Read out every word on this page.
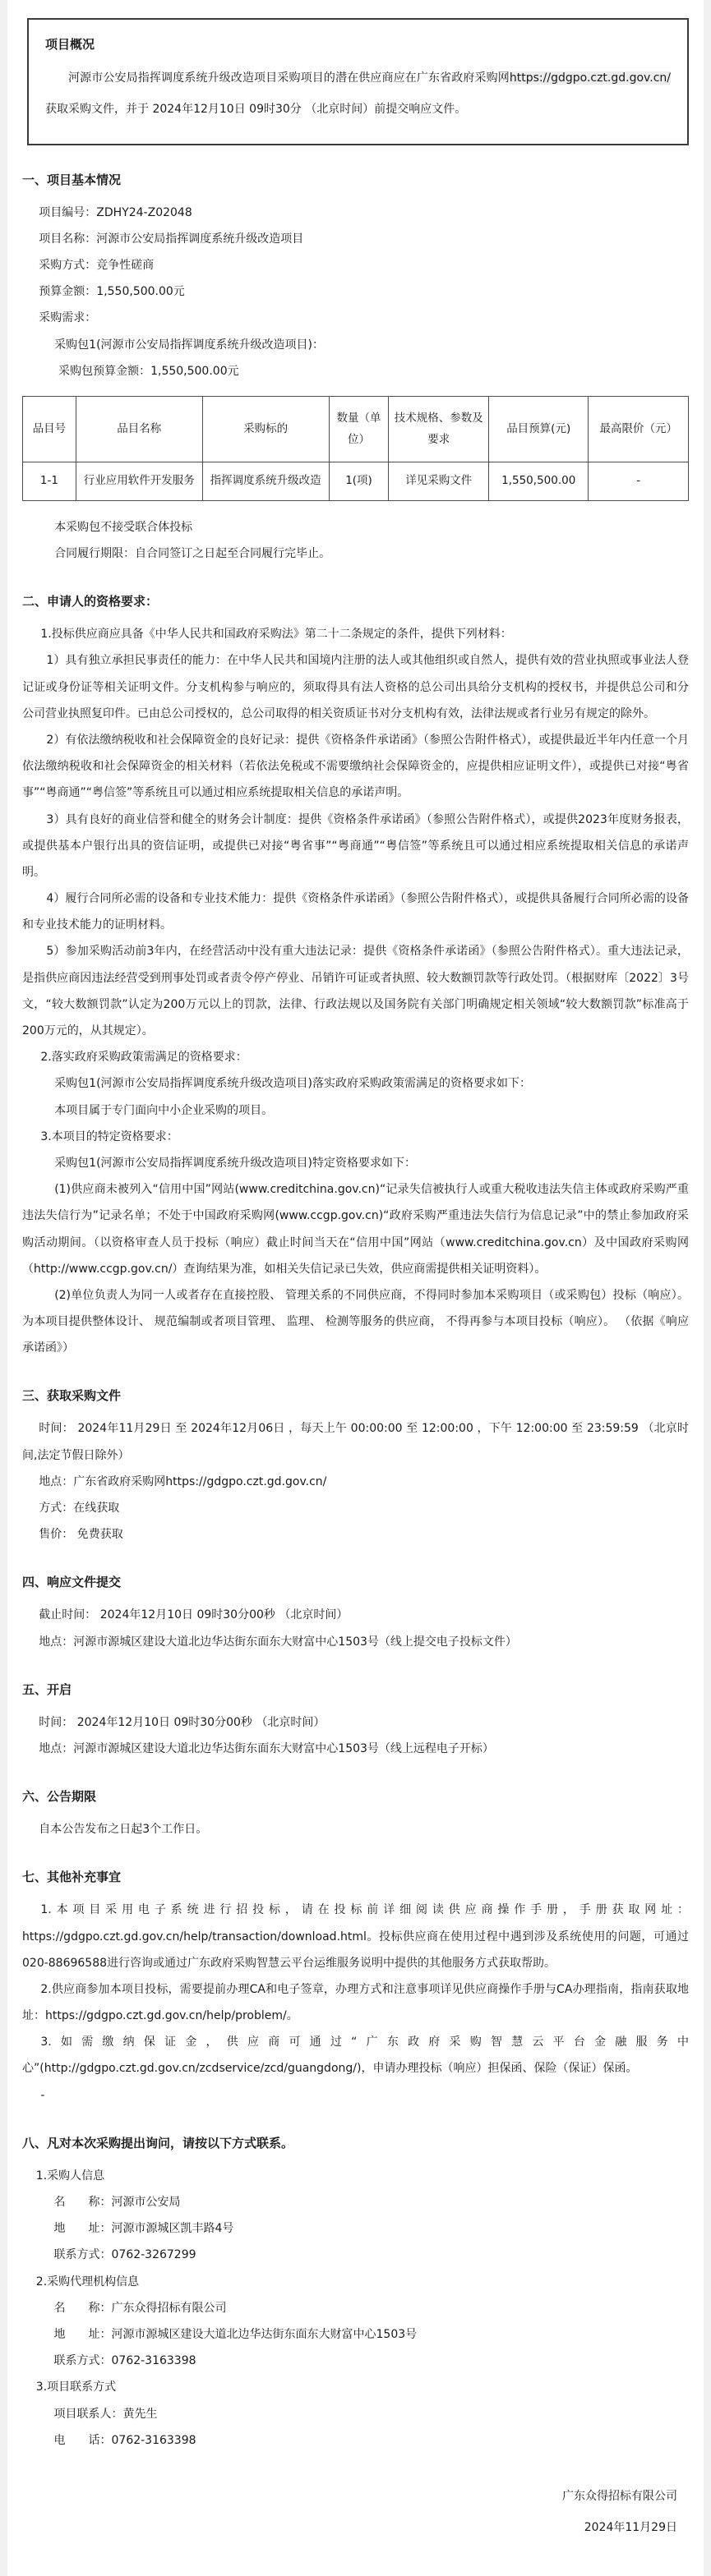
项目概况

河源市公安局指挥调度系统升级改造项目采购项目的潜在供应商应在广东省政府采购网https://gdgpo.czt.gd.gov.cn/获取采购文件，并于 2024年12月10日 09时30分 （北京时间）前提交响应文件。

一、项目基本情况

项目编号：ZDHY24-Z02048

项目名称：河源市公安局指挥调度系统升级改造项目

采购方式：竞争性磋商

预算金额：1,550,500.00元

采购需求：

采购包1(河源市公安局指挥调度系统升级改造项目)：

采购包预算金额：1,550,500.00元

品目号	品目名称	采购标的	数量（单位）	技术规格、参数及要求	品目预算(元)	最高限价（元）
1-1	行业应用软件开发服务	指挥调度系统升级改造	1(项)	详见采购文件	1,550,500.00	-

本采购包不接受联合体投标

合同履行期限：自合同签订之日起至合同履行完毕止。

二、申请人的资格要求：

1.投标供应商应具备《中华人民共和国政府采购法》第二十二条规定的条件，提供下列材料：

1）具有独立承担民事责任的能力：在中华人民共和国境内注册的法人或其他组织或自然人，提供有效的营业执照或事业法人登记证或身份证等相关证明文件。分支机构参与响应的，须取得具有法人资格的总公司出具给分支机构的授权书，并提供总公司和分公司营业执照复印件。已由总公司授权的，总公司取得的相关资质证书对分支机构有效，法律法规或者行业另有规定的除外。

2）有依法缴纳税收和社会保障资金的良好记录：提供《资格条件承诺函》（参照公告附件格式），或提供最近半年内任意一个月依法缴纳税收和社会保障资金的相关材料（若依法免税或不需要缴纳社会保障资金的，应提供相应证明文件），或提供已对接“粤省事”“粤商通”“粤信签”等系统且可以通过相应系统提取相关信息的承诺声明。

3）具有良好的商业信誉和健全的财务会计制度：提供《资格条件承诺函》（参照公告附件格式），或提供2023年度财务报表，或提供基本户银行出具的资信证明，或提供已对接“粤省事”“粤商通”“粤信签”等系统且可以通过相应系统提取相关信息的承诺声明。

4）履行合同所必需的设备和专业技术能力：提供《资格条件承诺函》（参照公告附件格式），或提供具备履行合同所必需的设备和专业技术能力的证明材料。

5）参加采购活动前3年内，在经营活动中没有重大违法记录：提供《资格条件承诺函》（参照公告附件格式）。重大违法记录，是指供应商因违法经营受到刑事处罚或者责令停产停业、吊销许可证或者执照、较大数额罚款等行政处罚。（根据财库〔2022〕3号文，“较大数额罚款”认定为200万元以上的罚款，法律、行政法规以及国务院有关部门明确规定相关领域“较大数额罚款”标准高于200万元的，从其规定）。

2.落实政府采购政策需满足的资格要求：

采购包1(河源市公安局指挥调度系统升级改造项目)落实政府采购政策需满足的资格要求如下：

本项目属于专门面向中小企业采购的项目。

3.本项目的特定资格要求：

采购包1(河源市公安局指挥调度系统升级改造项目)特定资格要求如下：

(1)供应商未被列入“信用中国”网站(www.creditchina.gov.cn)“记录失信被执行人或重大税收违法失信主体或政府采购严重违法失信行为”记录名单；不处于中国政府采购网(www.ccgp.gov.cn)“政府采购严重违法失信行为信息记录”中的禁止参加政府采购活动期间。（以资格审查人员于投标（响应）截止时间当天在“信用中国”网站（www.creditchina.gov.cn）及中国政府采购网（http://www.ccgp.gov.cn/）查询结果为准，如相关失信记录已失效，供应商需提供相关证明资料）。

(2)单位负责人为同一人或者存在直接控股、 管理关系的不同供应商，不得同时参加本采购项目（或采购包）投标（响应）。 为本项目提供整体设计、 规范编制或者项目管理、 监理、 检测等服务的供应商， 不得再参与本项目投标（响应）。 （依据《响应承诺函》）

三、获取采购文件

时间： 2024年11月29日 至 2024年12月06日 ，每天上午 00:00:00 至 12:00:00 ，下午 12:00:00 至 23:59:59 （北京时间,法定节假日除外）

地点：广东省政府采购网https://gdgpo.czt.gd.gov.cn/

方式：在线获取

售价： 免费获取

四、响应文件提交

截止时间： 2024年12月10日 09时30分00秒 （北京时间）

地点：河源市源城区建设大道北边华达街东面东大财富中心1503号（线上提交电子投标文件）

五、开启

时间： 2024年12月10日 09时30分00秒 （北京时间）

地点：河源市源城区建设大道北边华达街东面东大财富中心1503号（线上远程电子开标）

六、公告期限

自本公告发布之日起3个工作日。

七、其他补充事宜

1.本项目采用电子系统进行招投标，请在投标前详细阅读供应商操作手册，手册获取网址：https://gdgpo.czt.gd.gov.cn/help/transaction/download.html。投标供应商在使用过程中遇到涉及系统使用的问题，可通过020-88696588进行咨询或通过广东政府采购智慧云平台运维服务说明中提供的其他服务方式获取帮助。

2.供应商参加本项目投标，需要提前办理CA和电子签章，办理方式和注意事项详见供应商操作手册与CA办理指南，指南获取地址：https://gdgpo.czt.gd.gov.cn/help/problem/。

3.如需缴纳保证金，供应商可通过“广东政府采购智慧云平台金融服务中心”(http://gdgpo.czt.gd.gov.cn/zcdservice/zcd/guangdong/)，申请办理投标（响应）担保函、保险（保证）保函。

-

八、凡对本次采购提出询问，请按以下方式联系。

1.采购人信息

名　　称：河源市公安局

地　　址：河源市源城区凯丰路4号

联系方式：0762-3267299

2.采购代理机构信息

名　　称：广东众得招标有限公司

地　　址：河源市源城区建设大道北边华达街东面东大财富中心1503号

联系方式：0762-3163398

3.项目联系方式

项目联系人：黄先生

电　　话：0762-3163398

广东众得招标有限公司

2024年11月29日
